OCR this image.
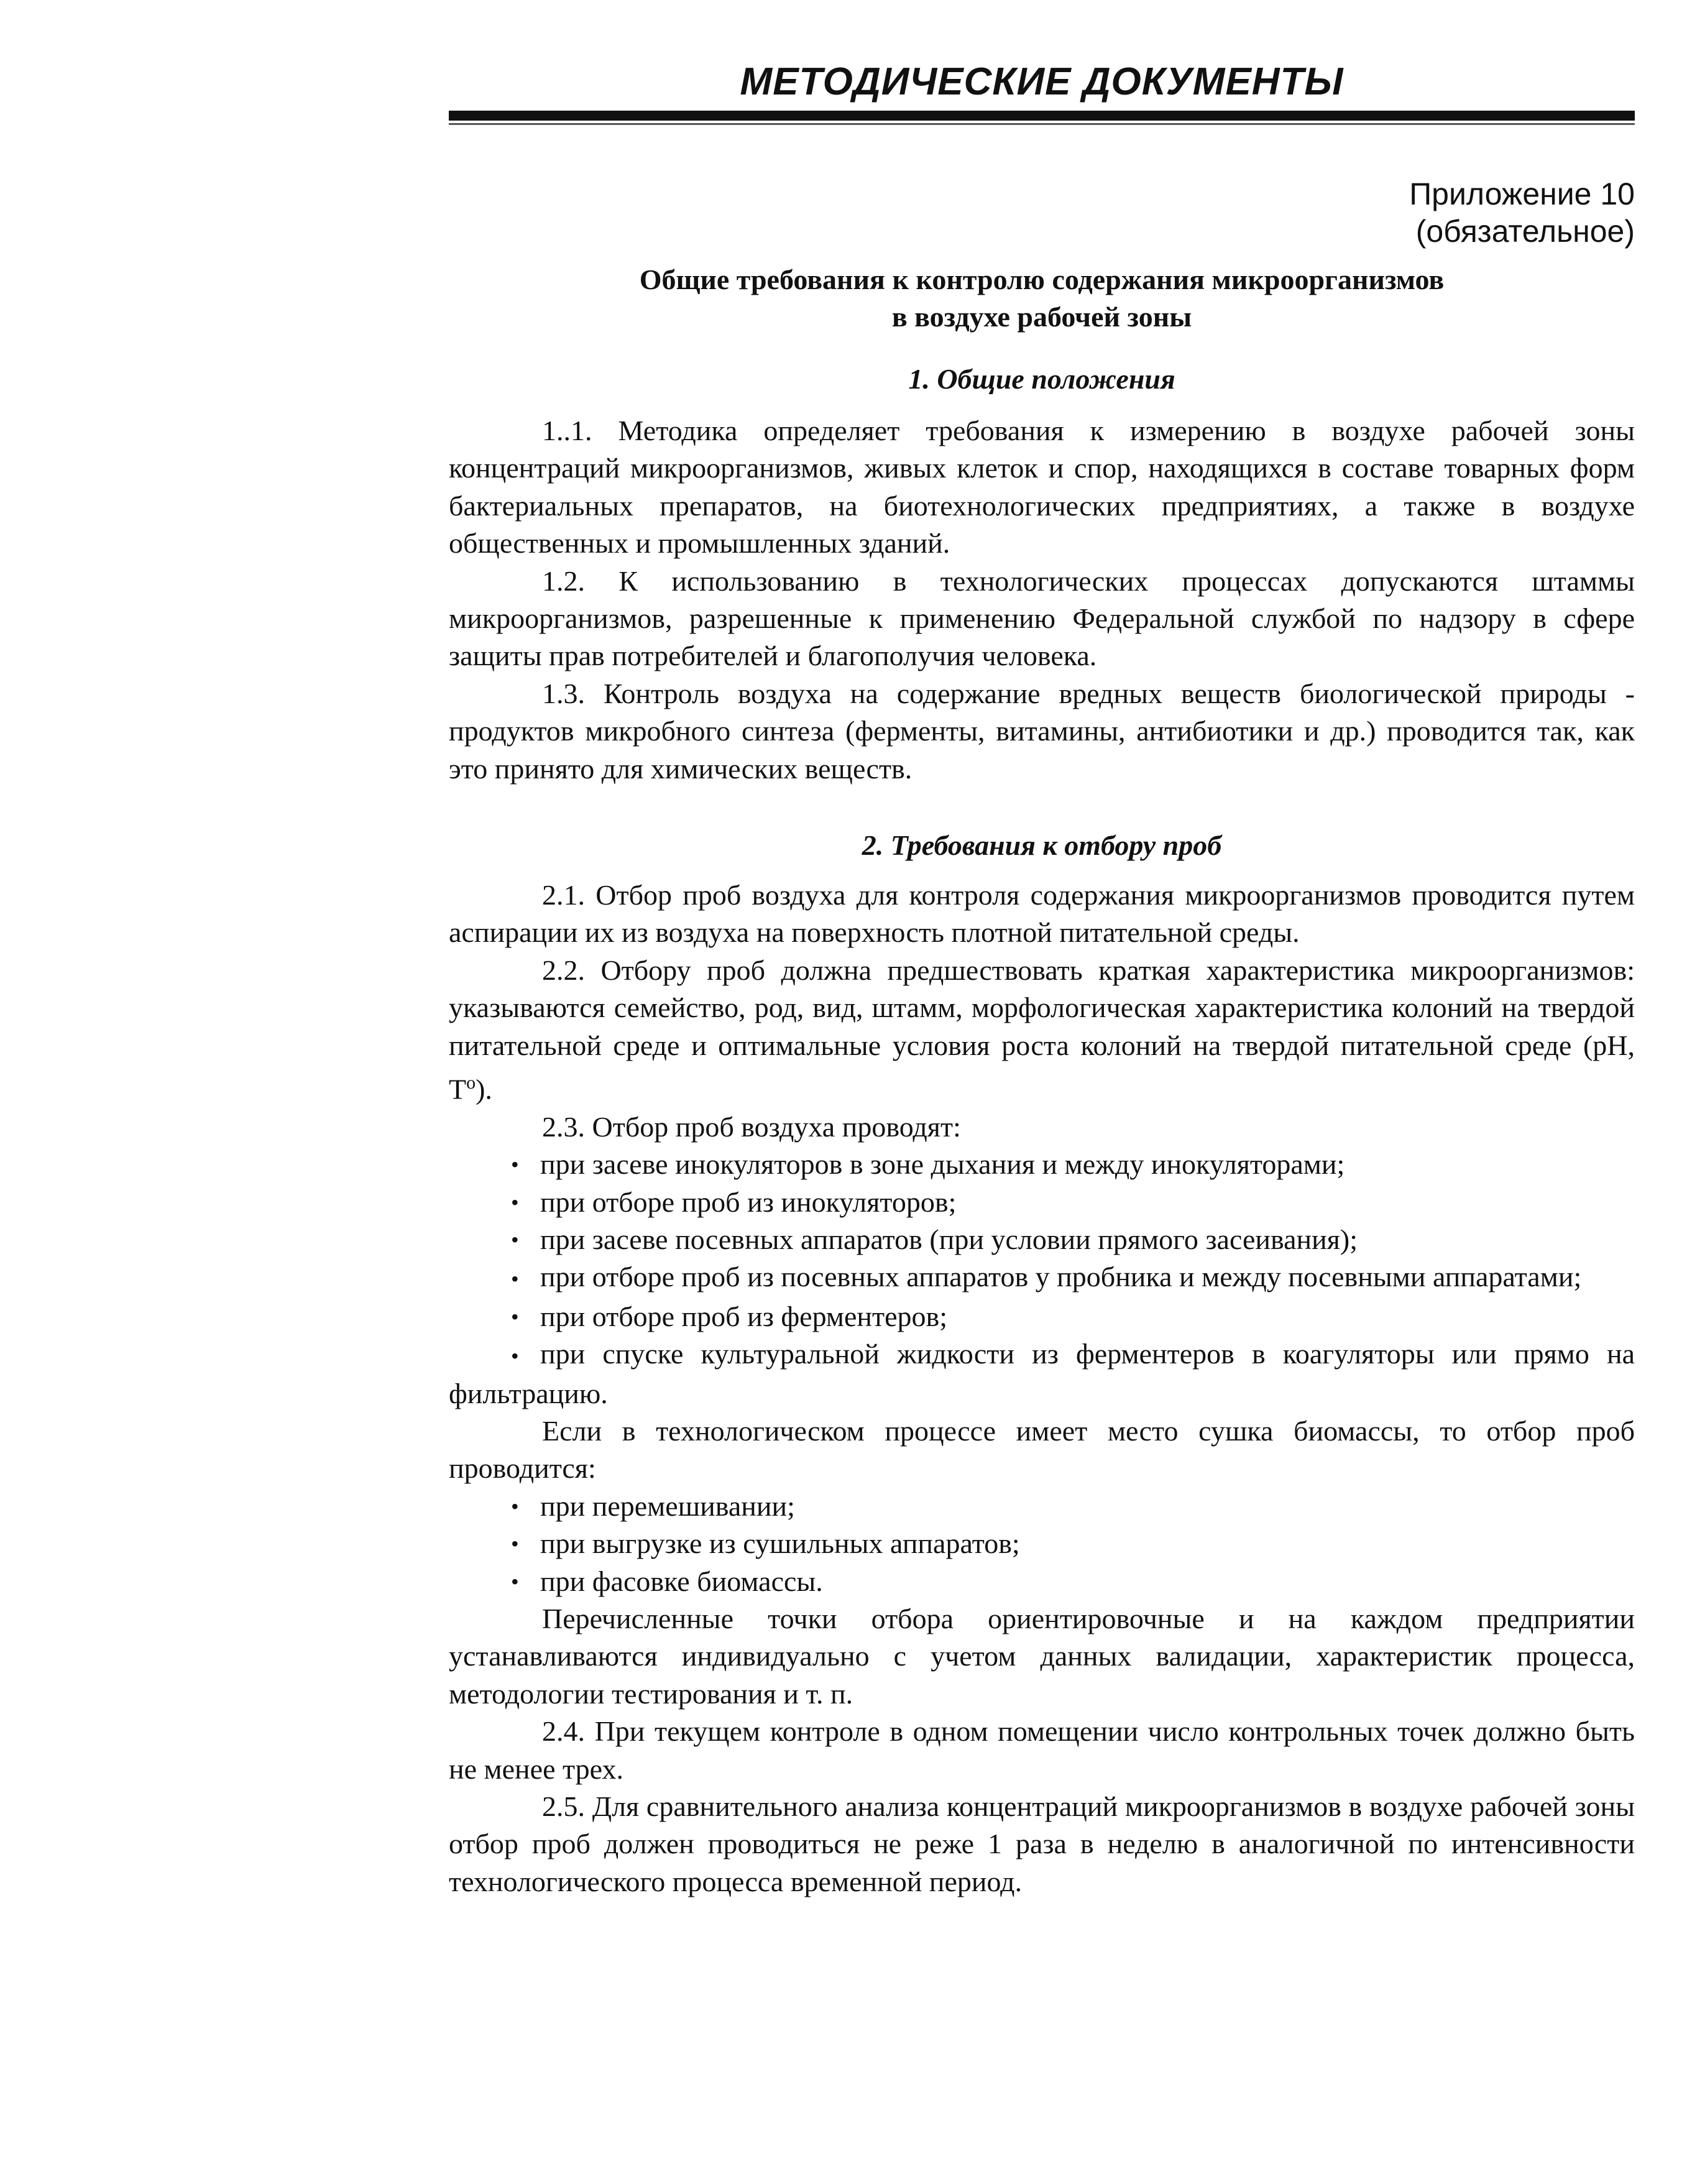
МЕТОДИЧЕСКИЕ ДОКУМЕНТЫ
Приложение 10
(обязательное)
Общие требования к контролю содержания микроорганизмов
в воздухе рабочей зоны
1. Общие положения

1..1. Методика определяет требования к измерению в воздухе рабочей зоны концентраций микроорганизмов, живых клеток и спор, находящихся в составе товарных форм бактериальных препаратов, на биотехнологических предприятиях, а также в воздухе общественных и промышленных зданий.

1.2. К использованию в технологических процессах допускаются штаммы микроорганизмов, разрешенные к применению Федеральной службой по надзору в сфере защиты прав потребителей и благополучия человека.

1.3. Контроль воздуха на содержание вредных веществ биологической природы - продуктов микробного синтеза (ферменты, витамины, антибиотики и др.) проводится так, как это принято для химических веществ.

2. Требования к отбору проб

2.1. Отбор проб воздуха для контроля содержания микроорганизмов проводится путем аспирации их из воздуха на поверхность плотной питательной среды.

2.2. Отбору проб должна предшествовать краткая характеристика микроорганизмов: указываются семейство, род, вид, штамм, морфологическая характеристика колоний на твердой питательной среде и оптимальные условия роста колоний на твердой питательной среде (рН, $Т^о$).

2.3. Отбор проб воздуха проводят:

• при засеве инокуляторов в зоне дыхания и между инокуляторами;
• при отборе проб из инокуляторов;
• при засеве посевных аппаратов (при условии прямого засеивания);
• при отборе проб из посевных аппаратов у пробника и между посевными аппаратами;
• при отборе проб из ферментеров;
• при спуске культуральной жидкости из ферментеров в коагуляторы или прямо на фильтрацию.

Если в технологическом процессе имеет место сушка биомассы, то отбор проб проводится:

• при перемешивании;
• при выгрузке из сушильных аппаратов;
• при фасовке биомассы.

Перечисленные точки отбора ориентировочные и на каждом предприятии устанавливаются индивидуально с учетом данных валидации, характеристик процесса, методологии тестирования и т. п.

2.4. При текущем контроле в одном помещении число контрольных точек должно быть не менее трех.

2.5. Для сравнительного анализа концентраций микроорганизмов в воздухе рабочей зоны отбор проб должен проводиться не реже 1 раза в неделю в аналогичной по интенсивности технологического процесса временной период.
